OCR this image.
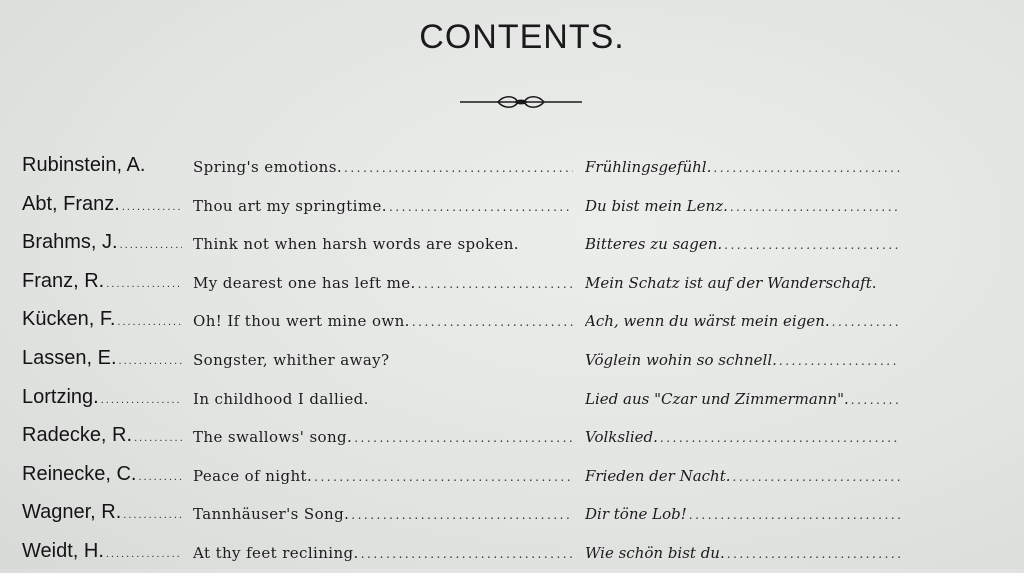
CONTENTS.
Rubinstein, A.	Spring's emotions. .....	Frühlingsgefühl.
.....
Abt, Franz. .....	Thou art my springtime. .....	Du bist mein Lenz.
.....
Brahms, J. .....	Think not when harsh words are spoken.	Bitteres zu sagen.
.....
Franz, R. .....	My dearest one has left me. .....	Mein Schatz ist auf der Wanderschaft.
Kücken, F. .....	Oh! If thou wert mine own. .....	Ach, wenn du wärst mein eigen.
.....
Lassen, E. .....	Songster, whither away?	Vöglein wohin so schnell.
.....
Lortzing. .....	In childhood I dallied.	Lied aus "Czar und Zimmermann".
.....
Radecke, R. .....	The swallows' song. .....	Volkslied.
.....
Reinecke, C. .....	Peace of night. .....	Frieden der Nacht.
.....
Wagner, R. .....	Tannhäuser's Song. .....	Dir töne Lob!
.....
Weidt, H. .....	At thy feet reclining. .....	Wie schön bist du.
.....
